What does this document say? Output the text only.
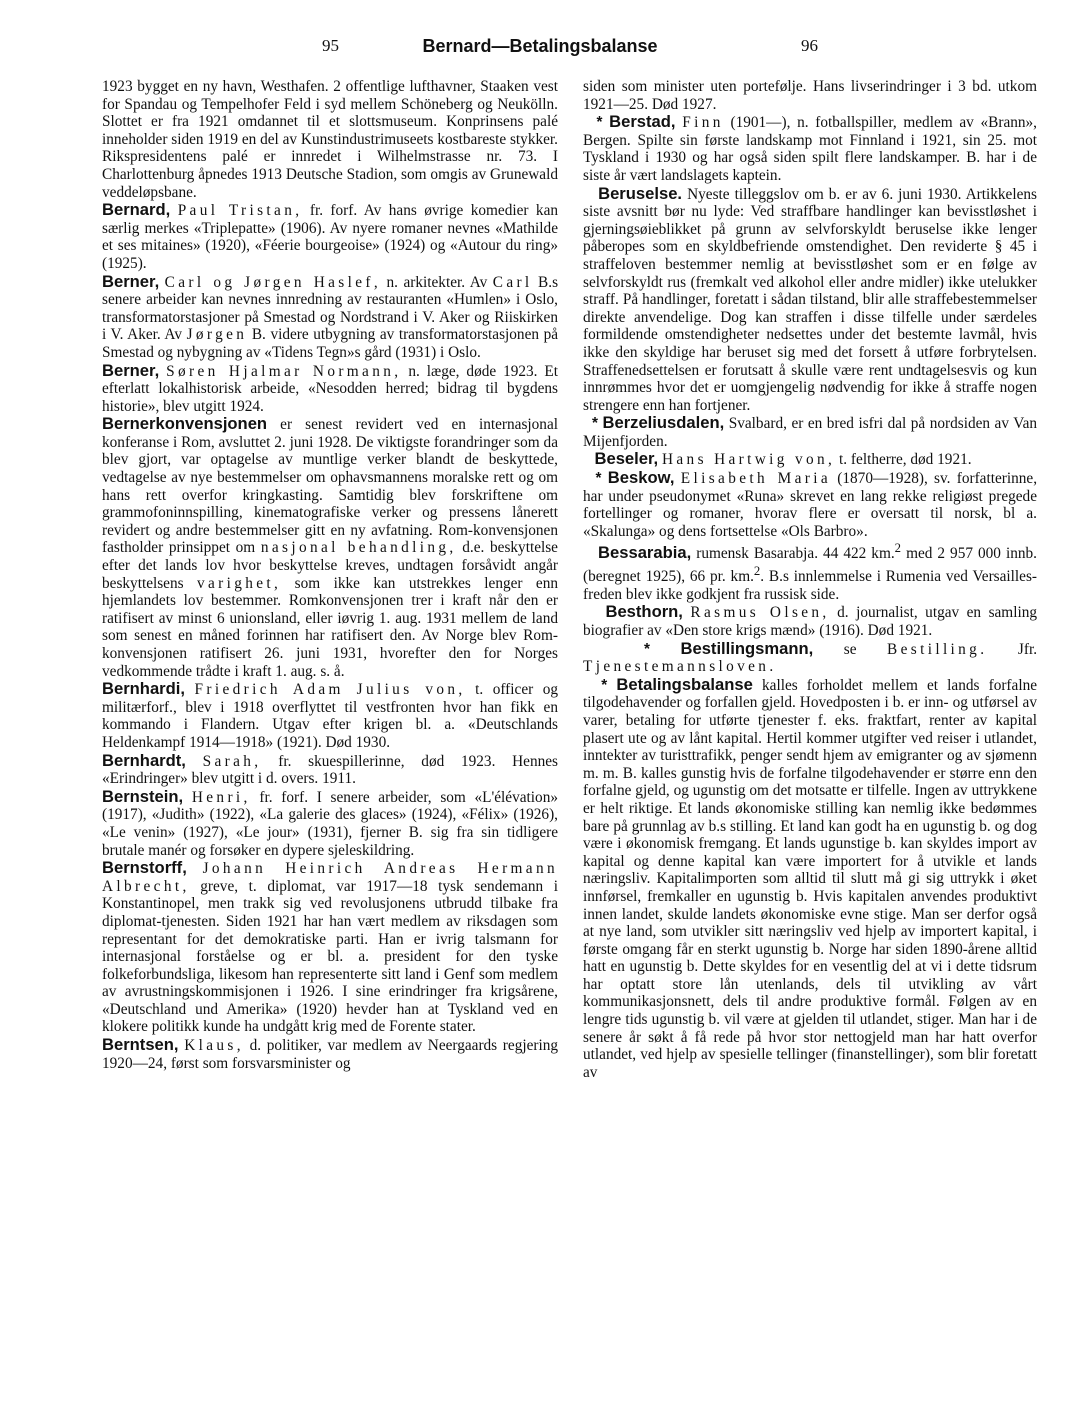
95	Bernard—Betalingsbalanse	96

1923 bygget en ny havn, Westhafen. 2 offentlige lufthavner, Staaken vest for Spandau og Tempelhofer Feld i syd mellem Schöneberg og Neukölln. Slottet er fra 1921 omdannet til et slottsmuseum. Konprinsens palé inneholder siden 1919 en del av Kunstindustrimuseets kostbareste stykker. Rikspresidentens palé er innredet i Wilhelmstrasse nr. 73. I Charlottenburg åpnedes 1913 Deutsche Stadion, som omgis av Grunewald veddeløpsbane.

Bernard, Paul Tristan, fr. forf. Av hans øvrige komedier kan særlig merkes «Triplepatte» (1906). Av nyere romaner nevnes «Mathilde et ses mitaines» (1920), «Féerie bourgeoise» (1924) og «Autour du ring» (1925).

Berner, Carl og Jørgen Haslef, n. arkitekter. Av Carl B.s senere arbeider kan nevnes innredning av restauranten «Humlen» i Oslo, transformatorstasjoner på Smestad og Nordstrand i V. Aker og Riiskirken i V. Aker. Av Jørgen B. videre utbygning av transformatorstasjonen på Smestad og nybygning av «Tidens Tegn»s gård (1931) i Oslo.

Berner, Søren Hjalmar Normann, n. læge, døde 1923. Et efterlatt lokalhistorisk arbeide, «Nesodden herred; bidrag til bygdens historie», blev utgitt 1924.

Bernerkonvensjonen er senest revidert ved en internasjonal konferanse i Rom, avsluttet 2. juni 1928. De viktigste forandringer som da blev gjort, var optagelse av muntlige verker blandt de beskyttede, vedtagelse av nye bestemmelser om ophavsmannens moralske rett og om hans rett overfor kringkasting. Samtidig blev forskriftene om grammofoninnspilling, kinematografiske verker og pressens lånerett revidert og andre bestemmelser gitt en ny avfatning. Rom-konvensjonen fastholder prinsippet om nasjonal behandling, d.e. beskyttelse efter det lands lov hvor beskyttelse kreves, undtagen forsåvidt angår beskyttelsens varighet, som ikke kan utstrekkes lenger enn hjemlandets lov bestemmer. Romkonvensjonen trer i kraft når den er ratifisert av minst 6 unionsland, eller iøvrig 1. aug. 1931 mellem de land som senest en måned forinnen har ratifisert den. Av Norge blev Rom-konvensjonen ratifisert 26. juni 1931, hvorefter den for Norges vedkommende trådte i kraft 1. aug. s. å.

Bernhardi, Friedrich Adam Julius von, t. officer og militærforf., blev i 1918 overflyttet til vestfronten hvor han fikk en kommando i Flandern. Utgav efter krigen bl. a. «Deutschlands Heldenkampf 1914—1918» (1921). Død 1930.

Bernhardt, Sarah, fr. skuespillerinne, død 1923. Hennes «Erindringer» blev utgitt i d. overs. 1911.

Bernstein, Henri, fr. forf. I senere arbeider, som «L'élévation» (1917), «Judith» (1922), «La galerie des glaces» (1924), «Félix» (1926), «Le venin» (1927), «Le jour» (1931), fjerner B. sig fra sin tidligere brutale manér og forsøker en dypere sjeleskildring.

Bernstorff, Johann Heinrich Andreas Hermann Albrecht, greve, t. diplomat, var 1917—18 tysk sendemann i Konstantinopel, men trakk sig ved revolusjonens utbrudd tilbake fra diplomat-tjenesten. Siden 1921 har han vært medlem av riksdagen som representant for det demokratiske parti. Han er ivrig talsmann for internasjonal forståelse og er bl. a. president for den tyske folkeforbundsliga, likesom han representerte sitt land i Genf som medlem av avrustningskommisjonen i 1926. I sine erindringer fra krigsårene, «Deutschland und Amerika» (1920) hevder han at Tyskland ved en klokere politikk kunde ha undgått krig med de Forente stater.

Berntsen, Klaus, d. politiker, var medlem av Neergaards regjering 1920—24, først som forsvarsminister og

siden som minister uten portefølje. Hans livserindringer i 3 bd. utkom 1921—25. Død 1927.

* Berstad, Finn (1901—), n. fotballspiller, medlem av «Brann», Bergen. Spilte sin første landskamp mot Finnland i 1921, sin 25. mot Tyskland i 1930 og har også siden spilt flere landskamper. B. har i de siste år vært landslagets kaptein.

Beruselse. Nyeste tilleggslov om b. er av 6. juni 1930. Artikkelens siste avsnitt bør nu lyde: Ved straffbare handlinger kan bevisstløshet i gjerningsøieblikket på grunn av selvforskyldt beruselse ikke lenger påberopes som en skyldbefriende omstendighet. Den reviderte § 45 i straffeloven bestemmer nemlig at bevisstløshet som er en følge av selvforskyldt rus (fremkalt ved alkohol eller andre midler) ikke utelukker straff. På handlinger, foretatt i sådan tilstand, blir alle straffebestemmelser direkte anvendelige. Dog kan straffen i disse tilfelle under særdeles formildende omstendigheter nedsettes under det bestemte lavmål, hvis ikke den skyldige har beruset sig med det forsett å utføre forbrytelsen. Straffenedsettelsen er forutsatt å skulle være rent undtagelsesvis og kun innrømmes hvor det er uomgjengelig nødvendig for ikke å straffe nogen strengere enn han fortjener.

* Berzeliusdalen, Svalbard, er en bred isfri dal på nordsiden av Van Mijenfjorden.

Beseler, Hans Hartwig von, t. feltherre, død 1921.

* Beskow, Elisabeth Maria (1870—1928), sv. forfatterinne, har under pseudonymet «Runa» skrevet en lang rekke religiøst pregede fortellinger og romaner, hvorav flere er oversatt til norsk, bl a. «Skalunga» og dens fortsettelse «Ols Barbro».

Bessarabia, rumensk Basarabja. 44 422 km.$^2$ med 2 957 000 innb. (beregnet 1925), 66 pr. km.$^2$. B.s innlemmelse i Rumenia ved Versailles-freden blev ikke godkjent fra russisk side.

Besthorn, Rasmus Olsen, d. journalist, utgav en samling biografier av «Den store krigs mænd» (1916). Død 1921.

* Bestillingsmann, se Bestilling. Jfr. Tjenestemannsloven.

* Betalingsbalanse kalles forholdet mellem et lands forfalne tilgodehavender og forfallen gjeld. Hovedposten i b. er inn- og utførsel av varer, betaling for utførte tjenester f. eks. fraktfart, renter av kapital plasert ute og av lånt kapital. Hertil kommer utgifter ved reiser i utlandet, inntekter av turisttrafikk, penger sendt hjem av emigranter og av sjømenn m. m. B. kalles gunstig hvis de forfalne tilgodehavender er større enn den forfalne gjeld, og ugunstig om det motsatte er tilfelle. Ingen av uttrykkene er helt riktige. Et lands økonomiske stilling kan nemlig ikke bedømmes bare på grunnlag av b.s stilling. Et land kan godt ha en ugunstig b. og dog være i økonomisk fremgang. Et lands ugunstige b. kan skyldes import av kapital og denne kapital kan være importert for å utvikle et lands næringsliv. Kapitalimporten som alltid til slutt må gi sig uttrykk i øket innførsel, fremkaller en ugunstig b. Hvis kapitalen anvendes produktivt innen landet, skulde landets økonomiske evne stige. Man ser derfor også at nye land, som utvikler sitt næringsliv ved hjelp av importert kapital, i første omgang får en sterkt ugunstig b. Norge har siden 1890-årene alltid hatt en ugunstig b. Dette skyldes for en vesentlig del at vi i dette tidsrum har optatt store lån utenlands, dels til utvikling av vårt kommunikasjonsnett, dels til andre produktive formål. Følgen av en lengre tids ugunstig b. vil være at gjelden til utlandet, stiger. Man har i de senere år søkt å få rede på hvor stor nettogjeld man har hatt overfor utlandet, ved hjelp av spesielle tellinger (finanstellinger), som blir foretatt av
